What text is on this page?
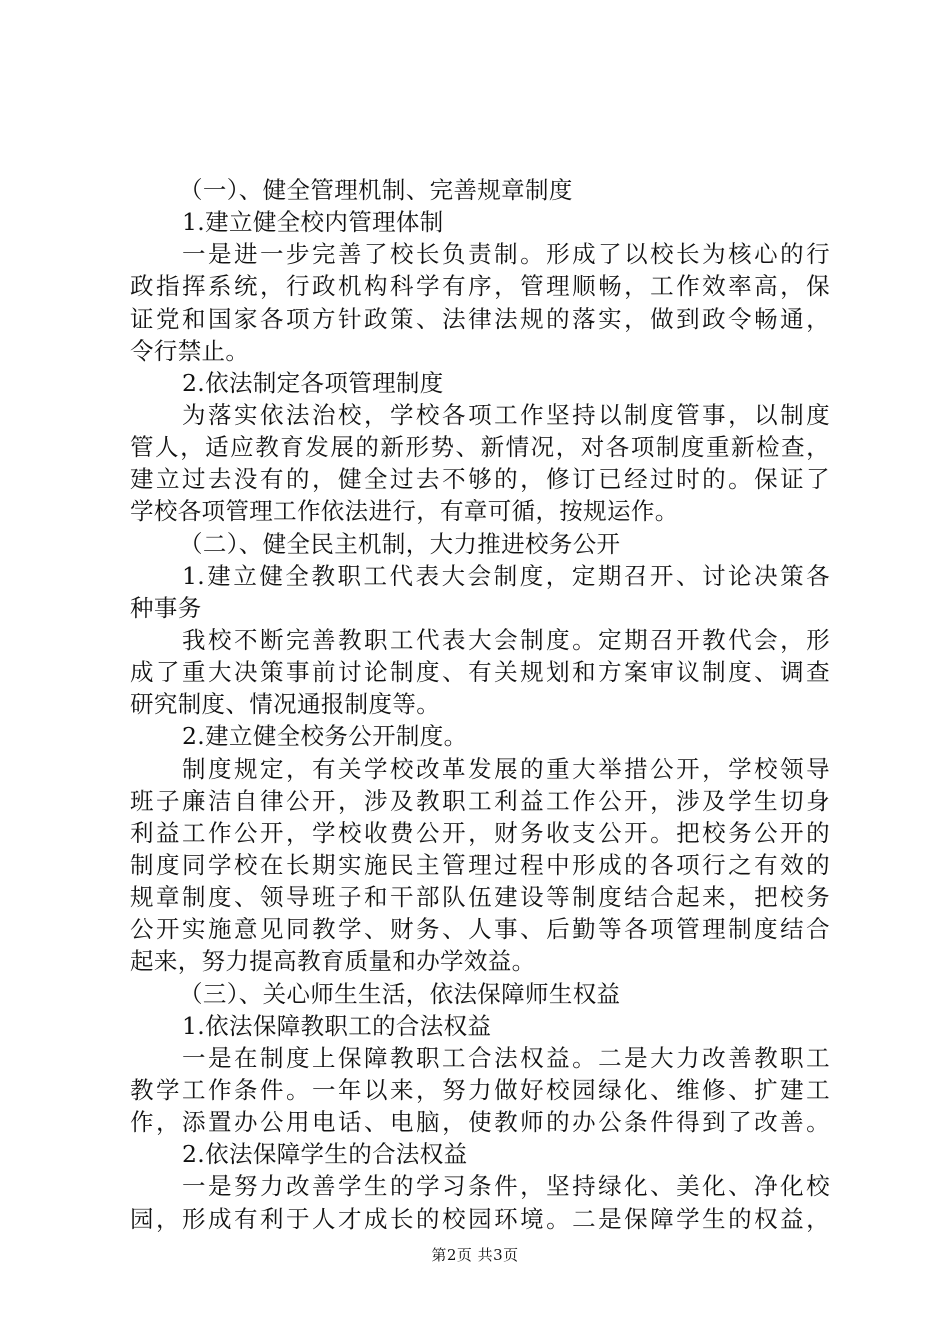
（一）、健全管理机制、完善规章制度
1.建立健全校内管理体制
一是进一步完善了校长负责制。形成了以校长为核心的行
政指挥系统，行政机构科学有序，管理顺畅，工作效率高，保
证党和国家各项方针政策、法律法规的落实，做到政令畅通，
令行禁止。
2.依法制定各项管理制度
为落实依法治校，学校各项工作坚持以制度管事，以制度
管人，适应教育发展的新形势、新情况，对各项制度重新检查，
建立过去没有的，健全过去不够的，修订已经过时的。保证了
学校各项管理工作依法进行，有章可循，按规运作。
（二）、健全民主机制，大力推进校务公开
1.建立健全教职工代表大会制度，定期召开、讨论决策各
种事务
我校不断完善教职工代表大会制度。定期召开教代会，形
成了重大决策事前讨论制度、有关规划和方案审议制度、调查
研究制度、情况通报制度等。
2.建立健全校务公开制度。
制度规定，有关学校改革发展的重大举措公开，学校领导
班子廉洁自律公开，涉及教职工利益工作公开，涉及学生切身
利益工作公开，学校收费公开，财务收支公开。把校务公开的
制度同学校在长期实施民主管理过程中形成的各项行之有效的
规章制度、领导班子和干部队伍建设等制度结合起来，把校务
公开实施意见同教学、财务、人事、后勤等各项管理制度结合
起来，努力提高教育质量和办学效益。
（三）、关心师生生活，依法保障师生权益
1.依法保障教职工的合法权益
一是在制度上保障教职工合法权益。二是大力改善教职工
教学工作条件。一年以来，努力做好校园绿化、维修、扩建工
作，添置办公用电话、电脑，使教师的办公条件得到了改善。
2.依法保障学生的合法权益
一是努力改善学生的学习条件，坚持绿化、美化、净化校
园，形成有利于人才成长的校园环境。二是保障学生的权益，
第2页 共3页
